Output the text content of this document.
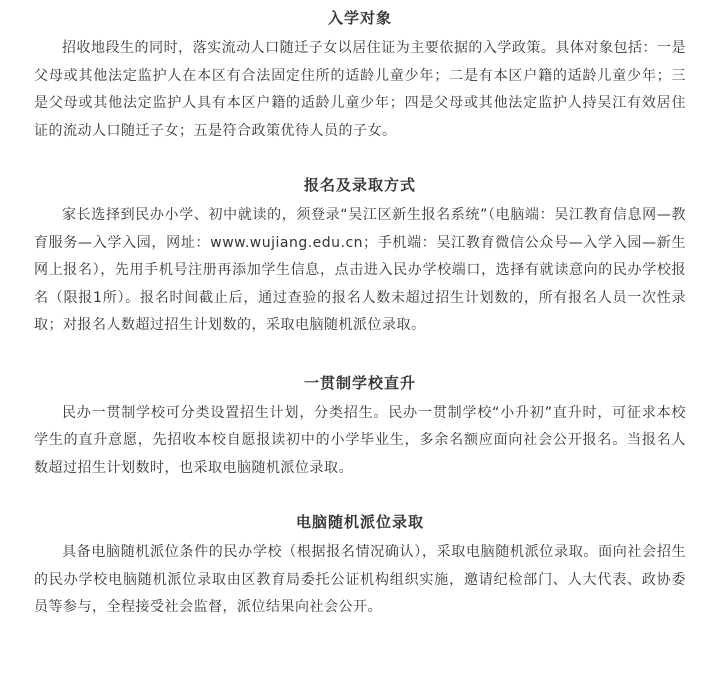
入学对象

招收地段生的同时，落实流动人口随迁子女以居住证为主要依据的入学政策。具体对象包括：一是父母或其他法定监护人在本区有合法固定住所的适龄儿童少年；二是有本区户籍的适龄儿童少年；三是父母或其他法定监护人具有本区户籍的适龄儿童少年；四是父母或其他法定监护人持吴江有效居住证的流动人口随迁子女；五是符合政策优待人员的子女。

报名及录取方式

家长选择到民办小学、初中就读的，须登录“吴江区新生报名系统”（电脑端：吴江教育信息网—教育服务—入学入园，网址：www.wujiang.edu.cn；手机端：吴江教育微信公众号—入学入园—新生网上报名），先用手机号注册再添加学生信息，点击进入民办学校端口，选择有就读意向的民办学校报名（限报1所）。报名时间截止后，通过查验的报名人数未超过招生计划数的，所有报名人员一次性录取；对报名人数超过招生计划数的，采取电脑随机派位录取。

一贯制学校直升

民办一贯制学校可分类设置招生计划，分类招生。民办一贯制学校“小升初”直升时，可征求本校学生的直升意愿，先招收本校自愿报读初中的小学毕业生，多余名额应面向社会公开报名。当报名人数超过招生计划数时，也采取电脑随机派位录取。

电脑随机派位录取

具备电脑随机派位条件的民办学校（根据报名情况确认），采取电脑随机派位录取。面向社会招生的民办学校电脑随机派位录取由区教育局委托公证机构组织实施，邀请纪检部门、人大代表、政协委员等参与，全程接受社会监督，派位结果向社会公开。
